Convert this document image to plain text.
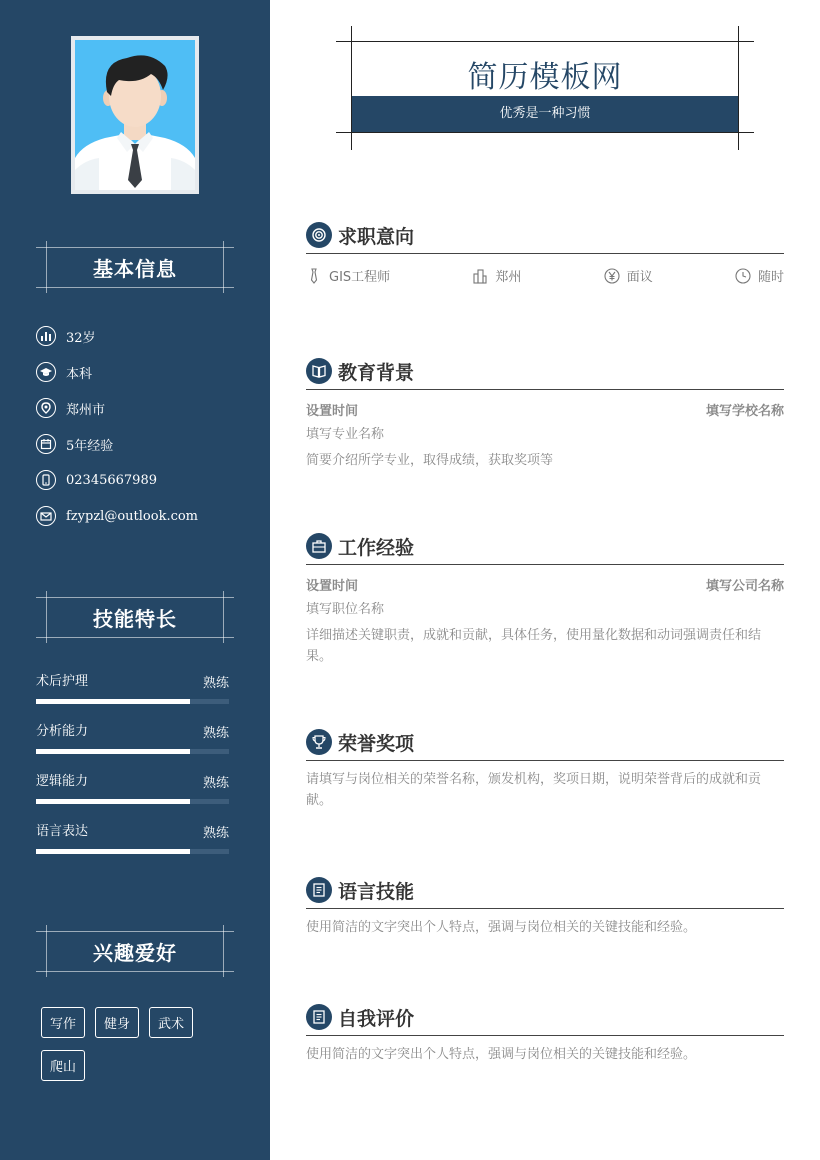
基本信息
32岁
本科
郑州市
5年经验
02345667989
fzypzl@outlook.com
技能特长
术后护理	熟练
分析能力	熟练
逻辑能力	熟练
语言表达	熟练
兴趣爱好
写作	健身	武术
爬山
简历模板网
优秀是一种习惯
求职意向
GIS工程师	郑州	面议	随时
教育背景
设置时间	填写学校名称
填写专业名称
简要介绍所学专业，取得成绩，获取奖项等
工作经验
设置时间	填写公司名称
填写职位名称
详细描述关键职责，成就和贡献，具体任务，使用量化数据和动词强调责任和结果。
荣誉奖项
请填写与岗位相关的荣誉名称，颁发机构，奖项日期，说明荣誉背后的成就和贡献。
语言技能
使用简洁的文字突出个人特点，强调与岗位相关的关键技能和经验。
自我评价
使用简洁的文字突出个人特点，强调与岗位相关的关键技能和经验。
